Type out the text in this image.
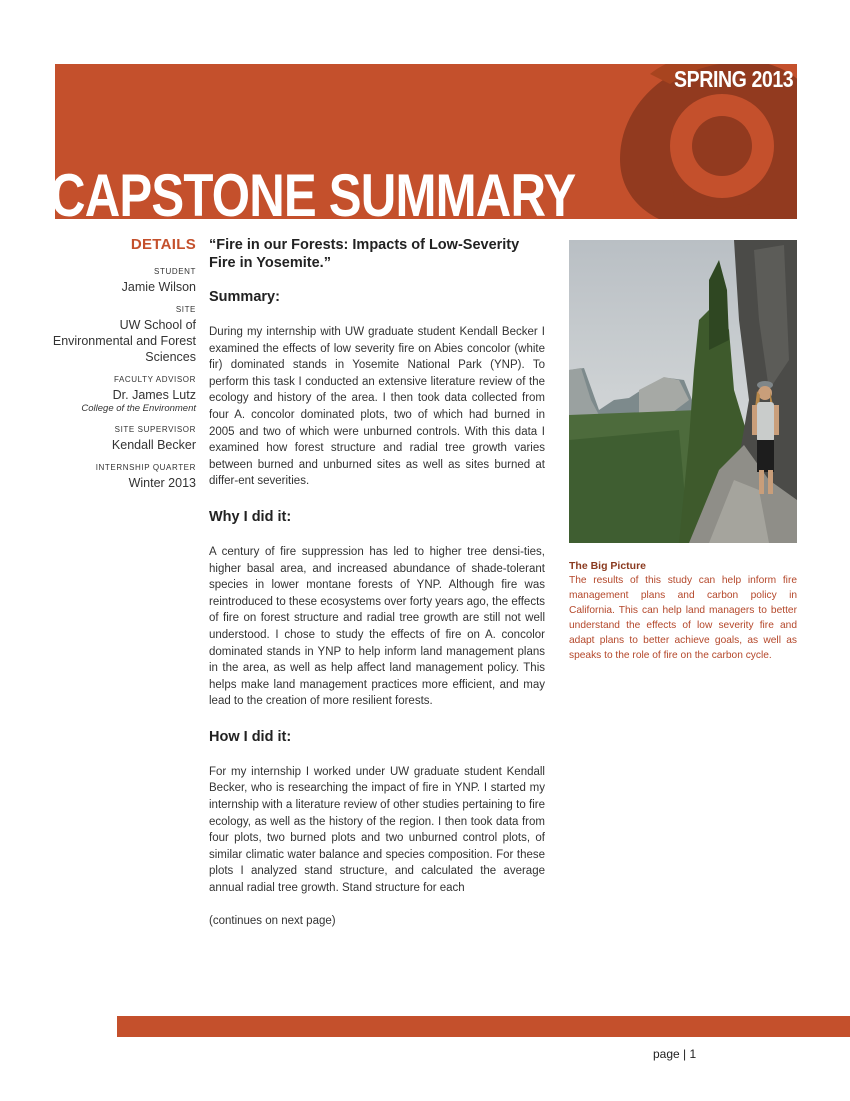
SPRING 2013
CAPSTONE SUMMARY
DETAILS
STUDENT
Jamie Wilson
SITE
UW School of Environmental and Forest Sciences
FACULTY ADVISOR
Dr. James Lutz
College of the Environment
SITE SUPERVISOR
Kendall Becker
INTERNSHIP QUARTER
Winter 2013
“Fire in our Forests: Impacts of Low-Severity Fire in Yosemite.”
Summary:

During my internship with UW graduate student Kendall Becker I examined the effects of low severity fire on Abies concolor (white fir) dominated stands in Yosemite National Park (YNP). To perform this task I conducted an extensive literature review of the ecology and history of the area. I then took data collected from four A. concolor dominated plots, two of which had burned in 2005 and two of which were unburned controls. With this data I examined how forest structure and radial tree growth varies between burned and unburned sites as well as sites burned at differ-ent severities.

Why I did it:

A century of fire suppression has led to higher tree densi-ties, higher basal area, and increased abundance of shade-tolerant species in lower montane forests of YNP. Although fire was reintroduced to these ecosystems over forty years ago, the effects of fire on forest structure and radial tree growth are still not well understood. I chose to study the effects of fire on A. concolor dominated stands in YNP to help inform land management plans in the area, as well as help affect land management policy. This helps make land management practices more efficient, and may lead to the creation of more resilient forests.

How I did it:

For my internship I worked under UW graduate student Kendall Becker, who is researching the impact of fire in YNP. I started my internship with a literature review of other studies pertaining to fire ecology, as well as the history of the region. I then took data from four plots, two burned plots and two unburned control plots, of similar climatic water balance and species composition. For these plots I analyzed stand structure, and calculated the average annual radial tree growth. Stand structure for each

(continues on next page)
The Big Picture
The results of this study can help inform fire management plans and carbon policy in California. This can help land managers to better understand the effects of low severity fire and adapt plans to better achieve goals, as well as speaks to the role of fire on the carbon cycle.
page | 1
